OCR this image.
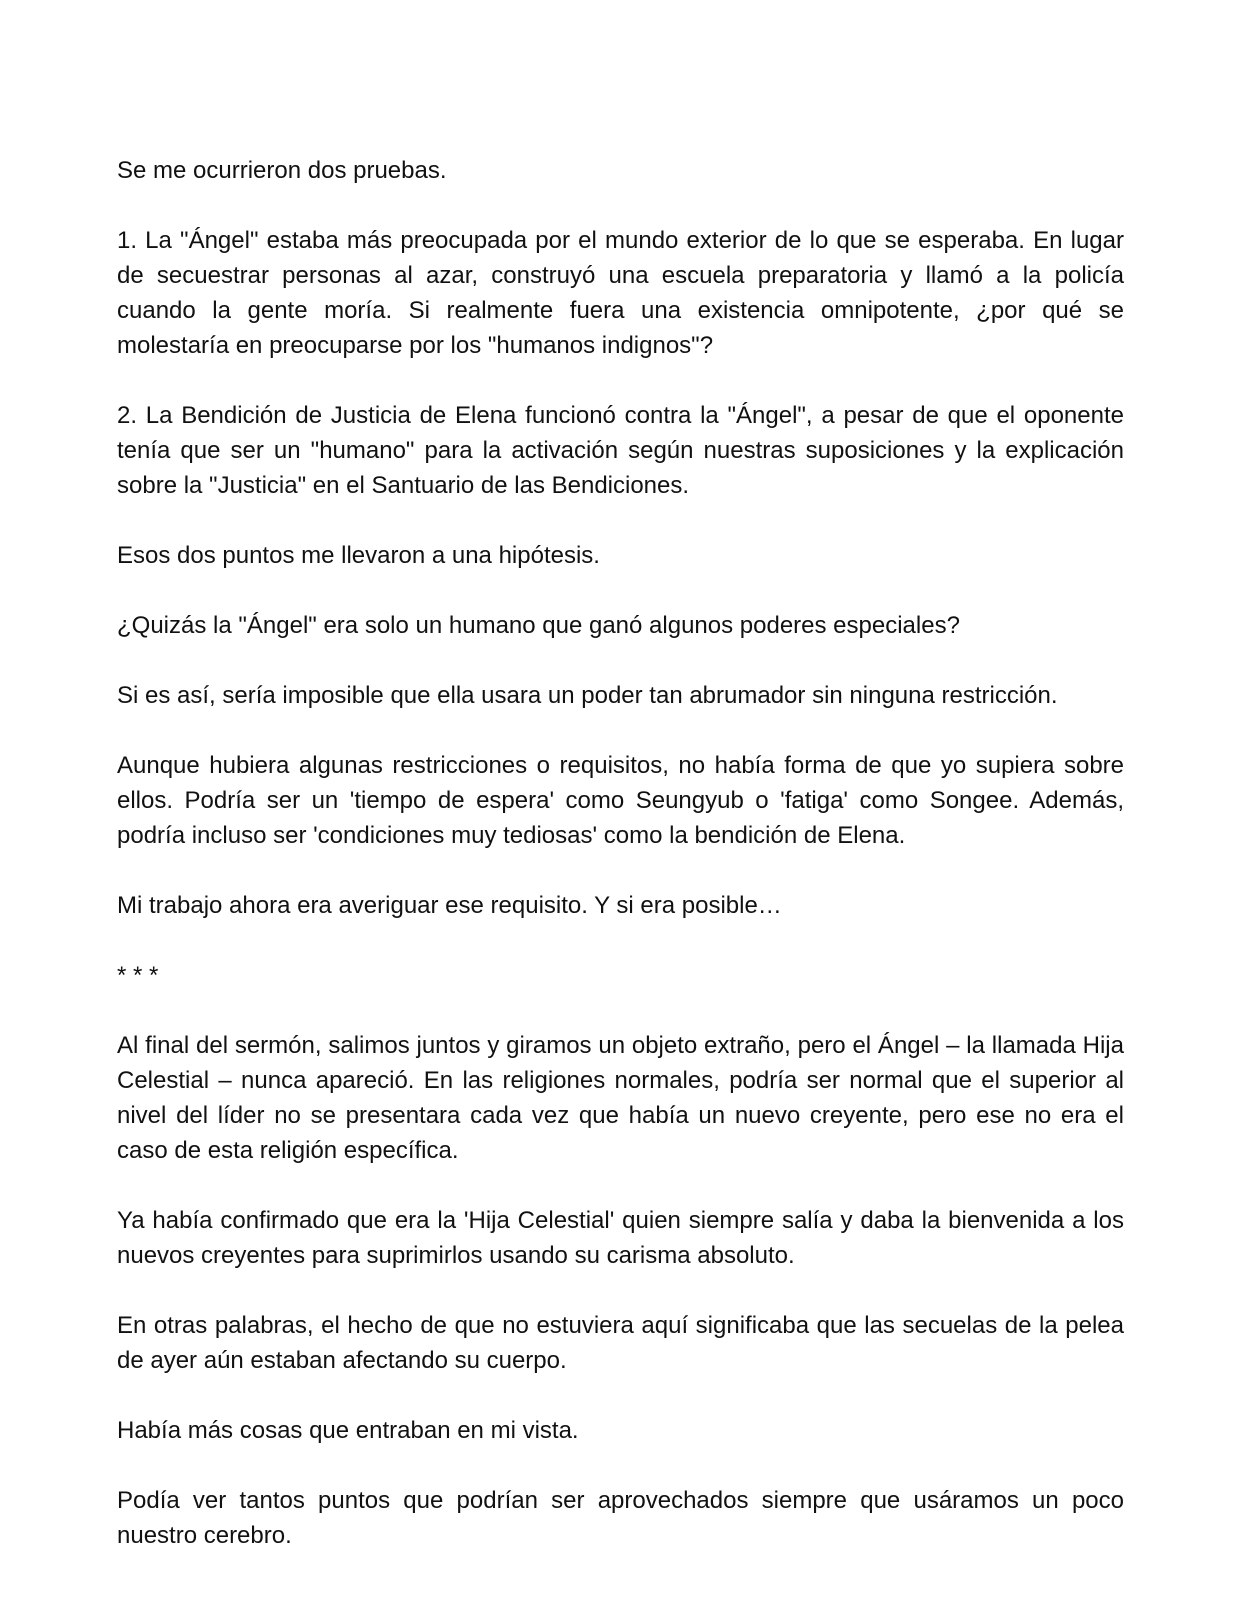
Se me ocurrieron dos pruebas.

1. La "Ángel" estaba más preocupada por el mundo exterior de lo que se esperaba. En lugar de secuestrar personas al azar, construyó una escuela preparatoria y llamó a la policía cuando la gente moría. Si realmente fuera una existencia omnipotente, ¿por qué se molestaría en preocuparse por los "humanos indignos"?

2. La Bendición de Justicia de Elena funcionó contra la "Ángel", a pesar de que el oponente tenía que ser un "humano" para la activación según nuestras suposiciones y la explicación sobre la "Justicia" en el Santuario de las Bendiciones.

Esos dos puntos me llevaron a una hipótesis.

¿Quizás la "Ángel" era solo un humano que ganó algunos poderes especiales?

Si es así, sería imposible que ella usara un poder tan abrumador sin ninguna restricción.

Aunque hubiera algunas restricciones o requisitos, no había forma de que yo supiera sobre ellos. Podría ser un 'tiempo de espera' como Seungyub o 'fatiga' como Songee. Además, podría incluso ser 'condiciones muy tediosas' como la bendición de Elena.

Mi trabajo ahora era averiguar ese requisito. Y si era posible…

* * *

Al final del sermón, salimos juntos y giramos un objeto extraño, pero el Ángel – la llamada Hija Celestial – nunca apareció. En las religiones normales, podría ser normal que el superior al nivel del líder no se presentara cada vez que había un nuevo creyente, pero ese no era el caso de esta religión específica.

Ya había confirmado que era la 'Hija Celestial' quien siempre salía y daba la bienvenida a los nuevos creyentes para suprimirlos usando su carisma absoluto.

En otras palabras, el hecho de que no estuviera aquí significaba que las secuelas de la pelea de ayer aún estaban afectando su cuerpo.

Había más cosas que entraban en mi vista.

Podía ver tantos puntos que podrían ser aprovechados siempre que usáramos un poco nuestro cerebro.
